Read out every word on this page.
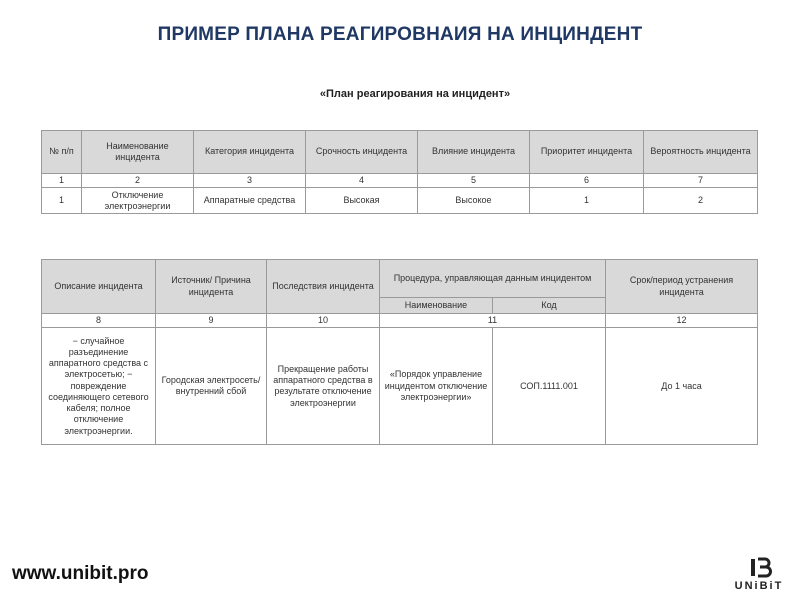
ПРИМЕР ПЛАНА РЕАГИРОВНАИЯ НА ИНЦИНДЕНТ
«План реагирования на инцидент»
№ п/п	Наименование инцидента	Категория инцидента	Срочность инцидента	Влияние инцидента	Приоритет инцидента	Вероятность инцидента
1	2	3	4	5	6	7
1	Отключение электроэнергии	Аппаратные средства	Высокая	Высокое	1	2
Описание инцидента	Источник/ Причина инцидента	Последствия инцидента	Процедура, управляющая данным инцидентом		Срок/период устранения инцидента
			Наименование	Код	
8	9	10	11		12
− случайное разъединение аппаратного средства с электросетью; − повреждение соединяющего сетевого кабеля; полное отключение электроэнергии.	Городская электросеть/ внутренний сбой	Прекращение работы аппаратного средства в результате отключение электроэнергии	«Порядок управление инцидентом отключение электроэнергии»	СОП.1111.001	До 1 часа
www.unibit.pro
UNiBiT
